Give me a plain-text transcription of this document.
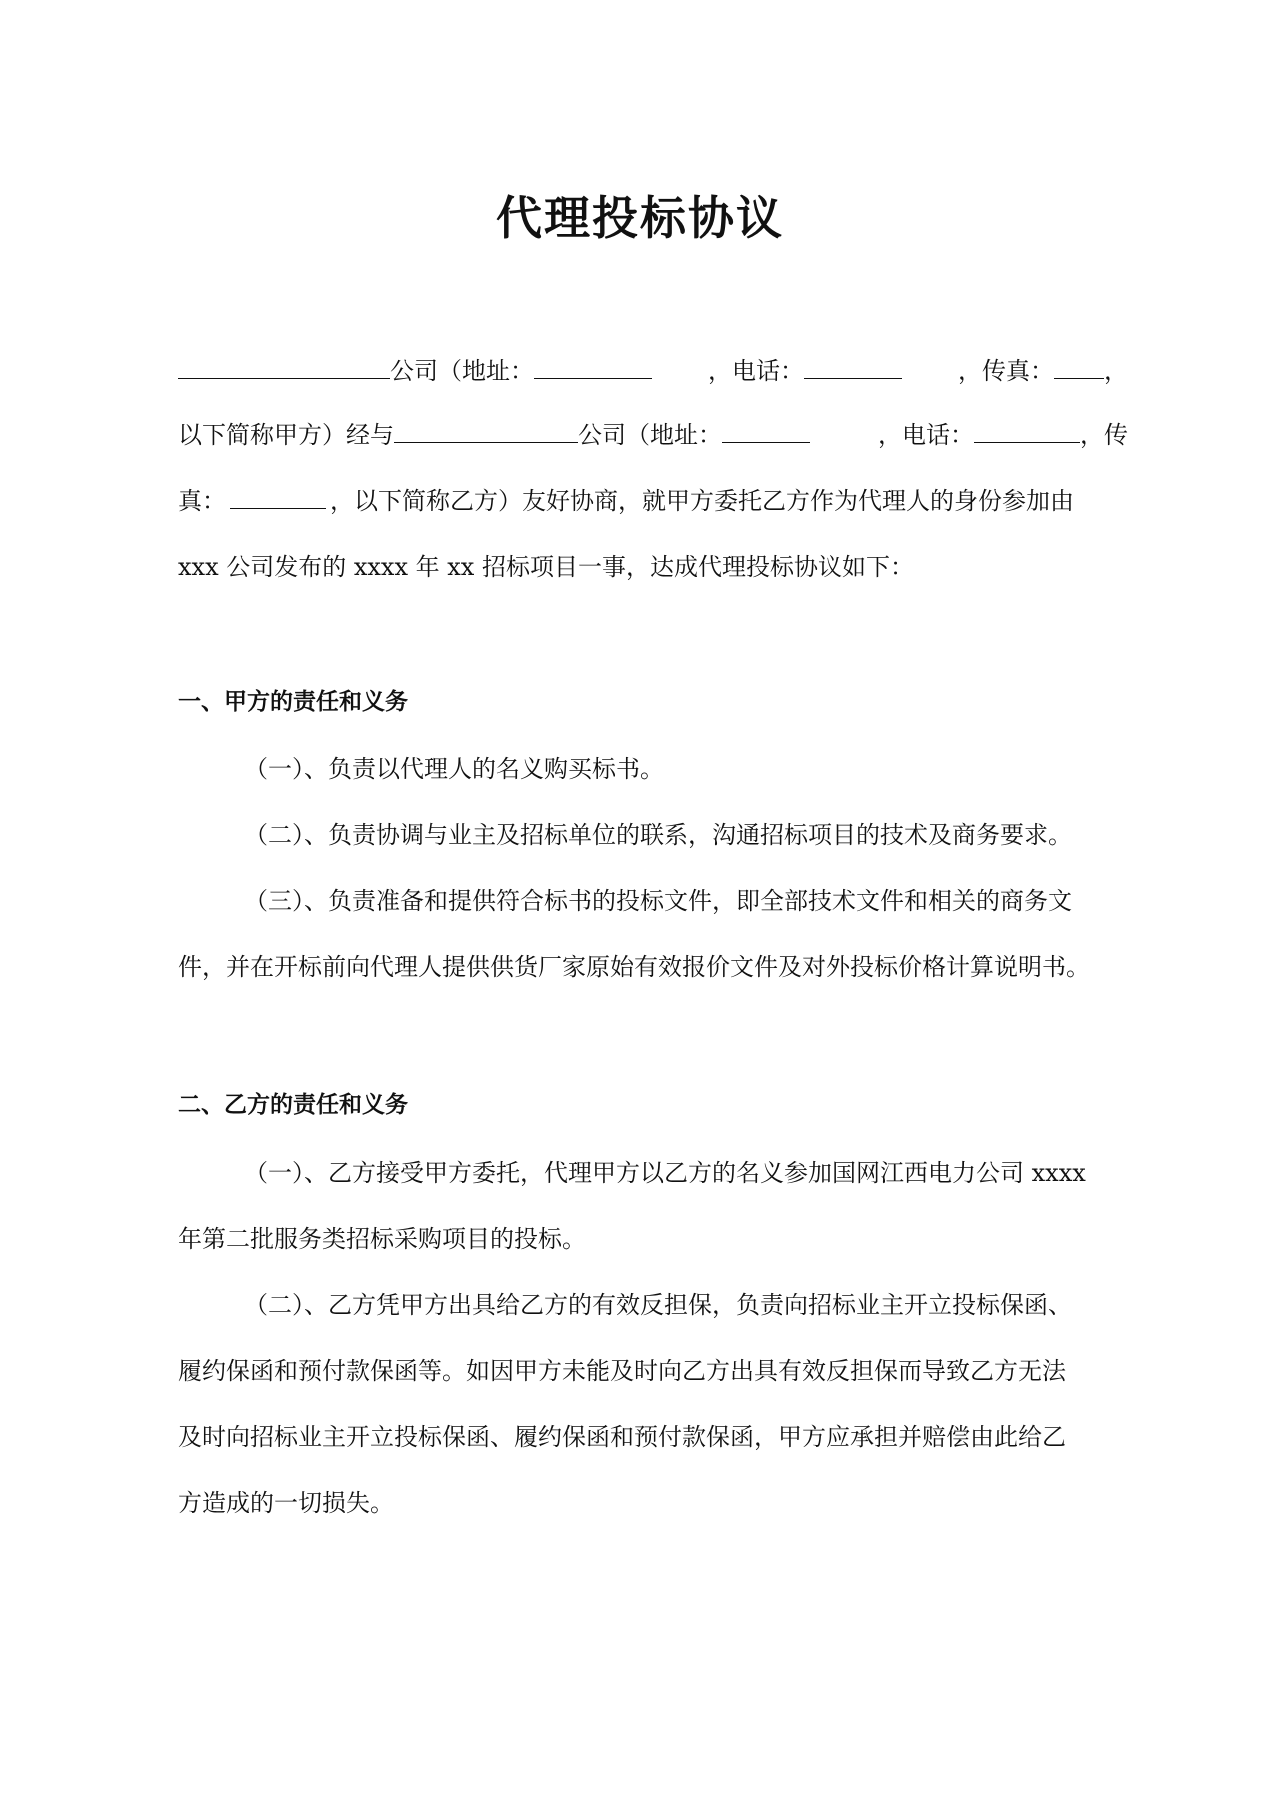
代理投标协议
公司（地址：	，电话：	，传真： ，
以下简称甲方）经与	公司（地址：	，电话：	，传
真：	，以下简称乙方）友好协商，就甲方委托乙方作为代理人的身份参加由
xxx 公司发布的 xxxx 年 xx 招标项目一事，达成代理投标协议如下：
一、甲方的责任和义务
（一）、负责以代理人的名义购买标书。
（二）、负责协调与业主及招标单位的联系，沟通招标项目的技术及商务要求。
（三）、负责准备和提供符合标书的投标文件，即全部技术文件和相关的商务文
件，并在开标前向代理人提供供货厂家原始有效报价文件及对外投标价格计算说明书。
二、乙方的责任和义务
（一）、乙方接受甲方委托，代理甲方以乙方的名义参加国网江西电力公司 xxxx
年第二批服务类招标采购项目的投标。
（二）、乙方凭甲方出具给乙方的有效反担保，负责向招标业主开立投标保函、
履约保函和预付款保函等。如因甲方未能及时向乙方出具有效反担保而导致乙方无法
及时向招标业主开立投标保函、履约保函和预付款保函，甲方应承担并赔偿由此给乙
方造成的一切损失。
